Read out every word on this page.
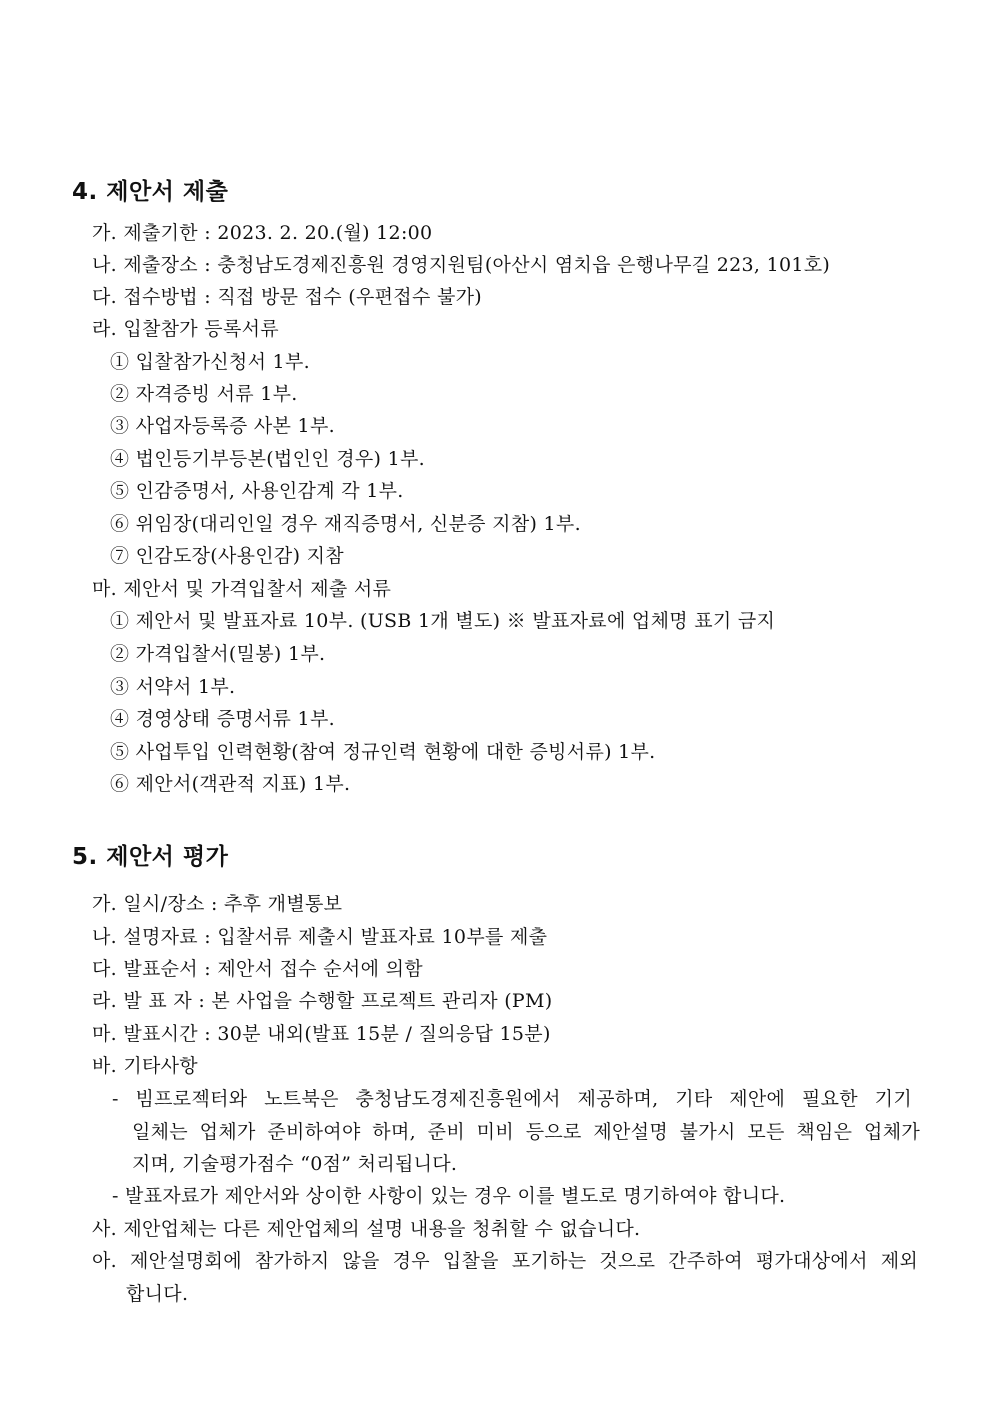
4. 제안서 제출
가. 제출기한 : 2023. 2. 20.(월) 12:00
나. 제출장소 : 충청남도경제진흥원 경영지원팀(아산시 염치읍 은행나무길 223, 101호)
다. 접수방법 : 직접 방문 접수 (우편접수 불가)
라. 입찰참가 등록서류
① 입찰참가신청서 1부.
② 자격증빙 서류 1부.
③ 사업자등록증 사본 1부.
④ 법인등기부등본(법인인 경우) 1부.
⑤ 인감증명서, 사용인감계 각 1부.
⑥ 위임장(대리인일 경우 재직증명서, 신분증 지참) 1부.
⑦ 인감도장(사용인감) 지참
마. 제안서 및 가격입찰서 제출 서류
① 제안서 및 발표자료 10부. (USB 1개 별도) ※ 발표자료에 업체명 표기 금지
② 가격입찰서(밀봉) 1부.
③ 서약서 1부.
④ 경영상태 증명서류 1부.
⑤ 사업투입 인력현황(참여 정규인력 현황에 대한 증빙서류) 1부.
⑥ 제안서(객관적 지표) 1부.
5. 제안서 평가
가. 일시/장소 : 추후 개별통보
나. 설명자료 : 입찰서류 제출시 발표자료 10부를 제출
다. 발표순서 : 제안서 접수 순서에 의함
라. 발 표 자 : 본 사업을 수행할 프로젝트 관리자 (PM)
마. 발표시간 : 30분 내외(발표 15분 / 질의응답 15분)
바. 기타사항
- 빔프로젝터와 노트북은 충청남도경제진흥원에서 제공하며, 기타 제안에 필요한 기기
일체는 업체가 준비하여야 하며, 준비 미비 등으로 제안설명 불가시 모든 책임은 업체가
지며, 기술평가점수 “0점” 처리됩니다.
- 발표자료가 제안서와 상이한 사항이 있는 경우 이를 별도로 명기하여야 합니다.
사. 제안업체는 다른 제안업체의 설명 내용을 청취할 수 없습니다.
아. 제안설명회에 참가하지 않을 경우 입찰을 포기하는 것으로 간주하여 평가대상에서 제외
합니다.
